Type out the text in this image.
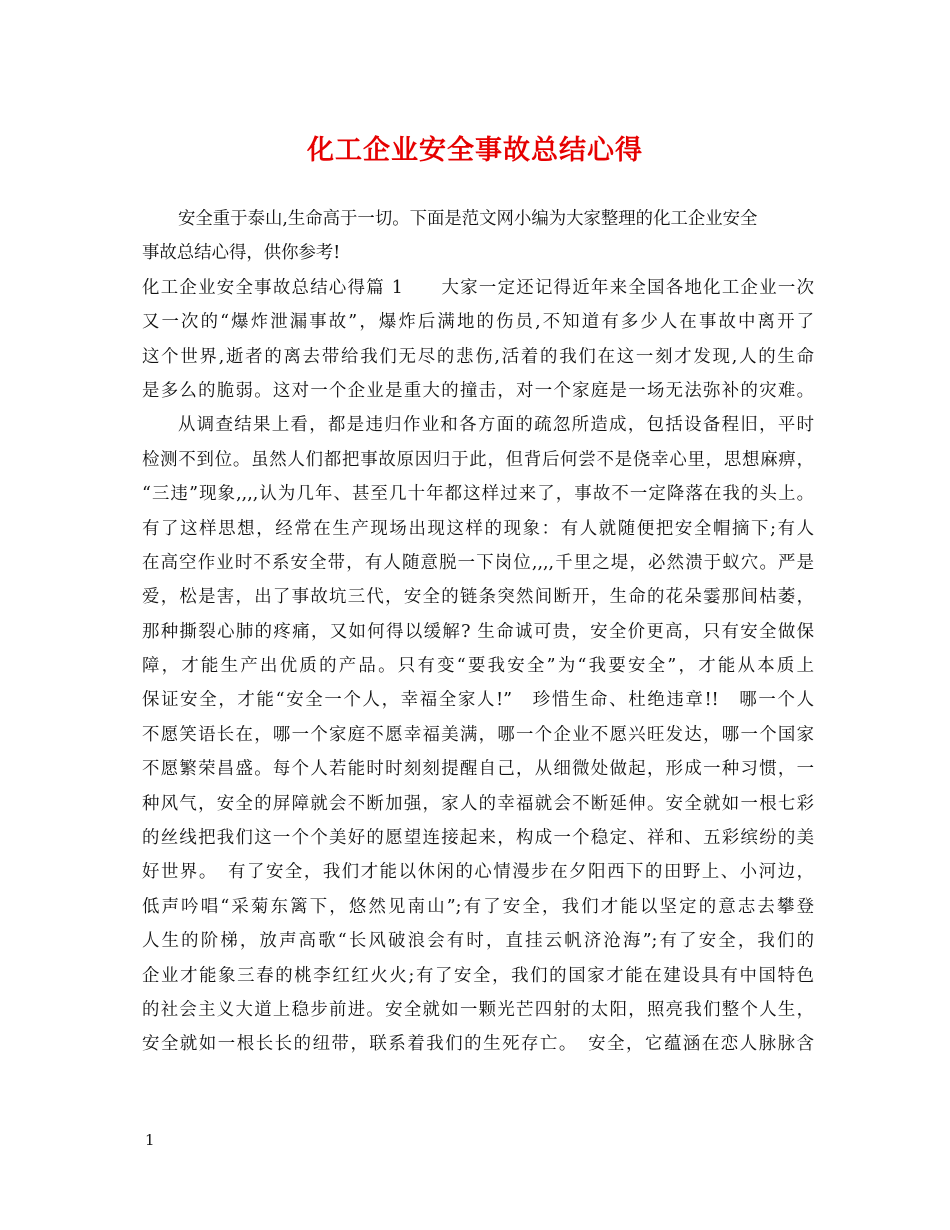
化工企业安全事故总结心得
安全重于泰山,生命高于一切。下面是范文网小编为大家整理的化工企业安全
事故总结心得，供你参考!
化工企业安全事故总结心得篇 1　　大家一定还记得近年来全国各地化工企业一次
又一次的“爆炸泄漏事故”，爆炸后满地的伤员,不知道有多少人在事故中离开了
这个世界,逝者的离去带给我们无尽的悲伤,活着的我们在这一刻才发现,人的生命
是多么的脆弱。这对一个企业是重大的撞击，对一个家庭是一场无法弥补的灾难。
从调查结果上看，都是违归作业和各方面的疏忽所造成，包括设备程旧，平时
检测不到位。虽然人们都把事故原因归于此，但背后何尝不是侥幸心里，思想麻痹，
“三违”现象,,,,认为几年、甚至几十年都这样过来了，事故不一定降落在我的头上。
有了这样思想，经常在生产现场出现这样的现象：有人就随便把安全帽摘下;有人
在高空作业时不系安全带，有人随意脱一下岗位,,,,千里之堤，必然溃于蚁穴。严是
爱，松是害，出了事故坑三代，安全的链条突然间断开，生命的花朵霎那间枯萎，
那种撕裂心肺的疼痛，又如何得以缓解? 生命诚可贵，安全价更高，只有安全做保
障，才能生产出优质的产品。只有变“要我安全”为“我要安全”，才能从本质上
保证安全，才能“安全一个人，幸福全家人!”　珍惜生命、杜绝违章!!　哪一个人
不愿笑语长在，哪一个家庭不愿幸福美满，哪一个企业不愿兴旺发达，哪一个国家
不愿繁荣昌盛。每个人若能时时刻刻提醒自己，从细微处做起，形成一种习惯，一
种风气，安全的屏障就会不断加强，家人的幸福就会不断延伸。安全就如一根七彩
的丝线把我们这一个个美好的愿望连接起来，构成一个稳定、祥和、五彩缤纷的美
好世界。　有了安全，我们才能以休闲的心情漫步在夕阳西下的田野上、小河边，
低声吟唱“采菊东篱下，悠然见南山”;有了安全，我们才能以坚定的意志去攀登
人生的阶梯，放声高歌“长风破浪会有时，直挂云帆济沧海”;有了安全，我们的
企业才能象三春的桃李红红火火;有了安全，我们的国家才能在建设具有中国特色
的社会主义大道上稳步前进。安全就如一颗光芒四射的太阳，照亮我们整个人生，
安全就如一根长长的纽带，联系着我们的生死存亡。　安全，它蕴涵在恋人脉脉含
1
